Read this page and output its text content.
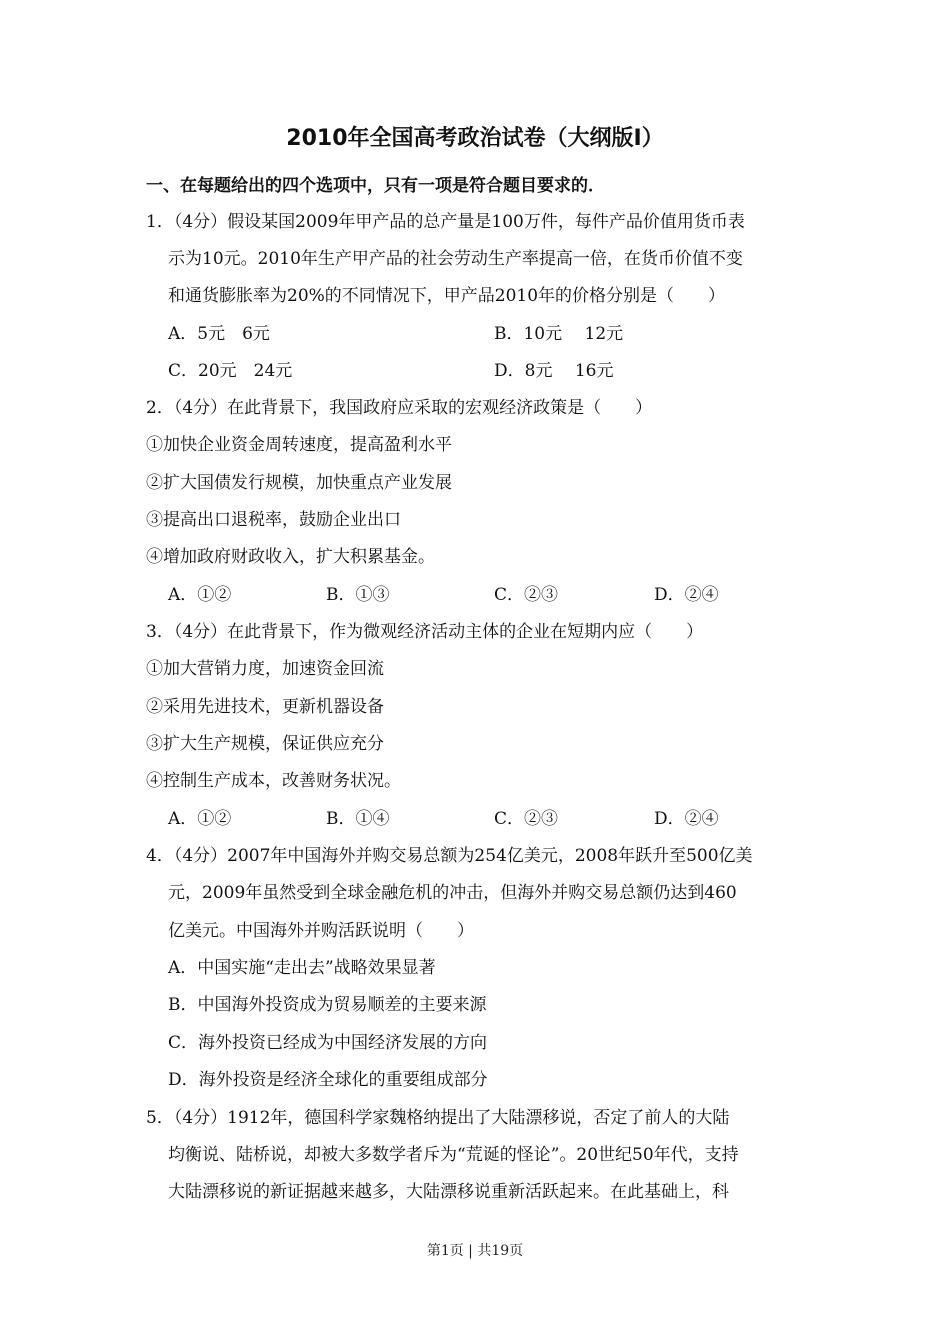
2010年全国高考政治试卷（大纲版Ⅰ）
一、在每题给出的四个选项中，只有一项是符合题目要求的．
1．（4分）假设某国2009年甲产品的总产量是100万件，每件产品价值用货币表
示为10元。2010年生产甲产品的社会劳动生产率提高一倍，在货币价值不变
和通货膨胀率为20%的不同情况下，甲产品2010年的价格分别是（　　）
A．5元　6元	B．10元　 12元
C．20元　24元	D．8元　 16元
2．（4分）在此背景下，我国政府应采取的宏观经济政策是（　　）
①加快企业资金周转速度，提高盈利水平
②扩大国债发行规模，加快重点产业发展
③提高出口退税率，鼓励企业出口
④增加政府财政收入，扩大积累基金。
A．①②	B．①③	C．②③	D．②④
3．（4分）在此背景下，作为微观经济活动主体的企业在短期内应（　　）
①加大营销力度，加速资金回流
②采用先进技术，更新机器设备
③扩大生产规模，保证供应充分
④控制生产成本，改善财务状况。
A．①②	B．①④	C．②③	D．②④
4．（4分）2007年中国海外并购交易总额为254亿美元，2008年跃升至500亿美
元，2009年虽然受到全球金融危机的冲击，但海外并购交易总额仍达到460
亿美元。中国海外并购活跃说明（　　）
A．中国实施“走出去”战略效果显著
B．中国海外投资成为贸易顺差的主要来源
C．海外投资已经成为中国经济发展的方向
D．海外投资是经济全球化的重要组成部分
5．（4分）1912年，德国科学家魏格纳提出了大陆漂移说，否定了前人的大陆
均衡说、陆桥说，却被大多数学者斥为“荒诞的怪论”。20世纪50年代，支持
大陆漂移说的新证据越来越多，大陆漂移说重新活跃起来。在此基础上，科
第1页 | 共19页
